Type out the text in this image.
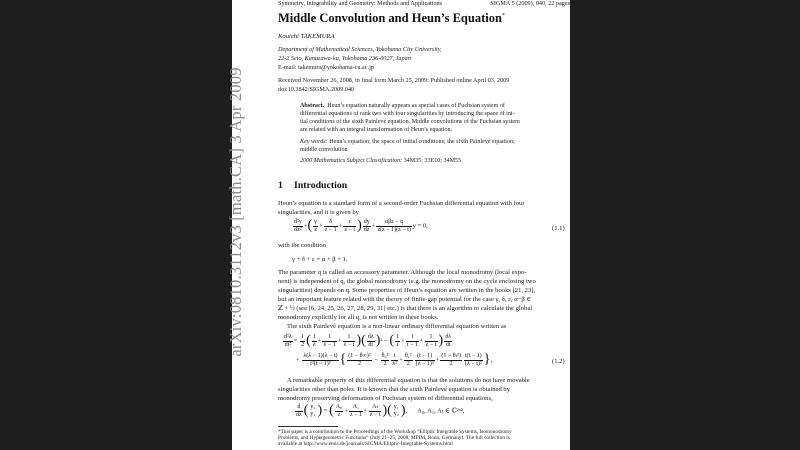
arXiv:0810.3112v3 [math.CA] 3 Apr 2009
Symmetry, Integrability and Geometry: Methods and Applications	SIGMA 5 (2009), 040, 22 pages
Middle Convolution and Heun’s Equation*
Kouichi TAKEMURA
Department of Mathematical Sciences, Yokohama City University,
22-2 Seto, Kanazawa-ku, Yokohama 236-0027, Japan
E-mail: takemura@yokohama-cu.ac.jp
Received November 26, 2008, in final form March 25, 2009; Published online April 03, 2009
doi:10.3842/SIGMA.2009.040
Abstract. Heun’s equation naturally appears as special cases of Fuchsian system of
differential equations of rank two with four singularities by introducing the space of ini-
tial conditions of the sixth Painlevé equation. Middle convolutions of the Fuchsian system
are related with an integral transformation of Heun’s equation.
Key words: Heun’s equation; the space of initial conditions; the sixth Painlevé equation;
middle convolution
2000 Mathematics Subject Classification: 34M35; 33E10; 34M55
1 Introduction
Heun’s equation is a standard form of a second-order Fuchsian differential equation with four
singularities, and it is given by
$\frac{\text{d²y}}{\text{dz²}}$ +( $\frac{\gamma}{z} + \frac{\delta}{z - 1} + \frac{\varepsilon}{z - t}$ ) $\frac{dy}{dz} + \frac{\text{αβz − q}}{z(z - 1)(z - t)}$ y = 0,	(1.1)
with the condition
γ + δ + ε = α + β + 1.
The parameter q is called an accessory parameter. Although the local monodromy (local expo-
nent) is independent of q, the global monodromy (e.g. the monodromy on the cycle enclosing two
singularities) depends on q. Some properties of Heun’s equation are written in the books [21, 23],
but an important feature related with the theory of finite-gap potential for the case γ, δ, ε, α−β ∈
ℤ + ½ (see [6, 24, 25, 26, 27, 28, 29, 31] etc.) is that there is an algorithm to calculate the global
monodromy explicitly for all q, is not written in these books.
The sixth Painlevé equation is a non-linear ordinary differential equation written as
$\frac{\text{d²λ}}{\text{dt²}} = \frac{1}{2}$ ( $\frac{1}{\lambda} + \frac{1}{\lambda - 1} + \frac{1}{\lambda - t}$ )( $\frac{d\lambda}{dt} )^2$ − ( $\frac{1}{t} + \frac{1}{t - 1} + \frac{1}{\lambda - t}$ ) $\frac{d\lambda}{dt}$
+ $\frac{\lambda(\lambda - 1)(\lambda - t)}{\text{t²(t − 1)²}}$ { $\frac{\text{(1 − θ∞)²}}{2} - \frac{\text{θ₀²}}{2} \frac{t}{\text{λ²}} + \frac{\text{θ₁²}}{2} \frac{(t - 1)}{\text{(λ − 1)²}} + \frac{\text{(1 − θₜ²)}}{2} \frac{t(t - 1)}{\text{(λ − t)²}}$ },	(1.2)
A remarkable property of this differential equation is that the solutions do not have movable
singularities other than poles. It is known that the sixth Painlevé equation is obtained by
monodromy preserving deformation of Fuchsian system of differential equations,
$\frac{d}{dz}$ ( y₁
y₂ ) = ( $\frac{\text{A₀}}{z} + \frac{\text{A₁}}{z - 1} + \frac{\text{Aₜ}}{z - t}$ )( y₁
y₂ ),      A₀, A₁, Aₜ ∈ ℂ²ˣ²,
*This paper is a contribution to the Proceedings of the Workshop “Elliptic Integrable Systems, Isomonodromy
Problems, and Hypergeometric Functions” (July 21–25, 2008, MPIM, Bonn, Germany). The full collection is
available at http://www.emis.de/journals/SIGMA/Elliptic-Integrable-Systems.html
